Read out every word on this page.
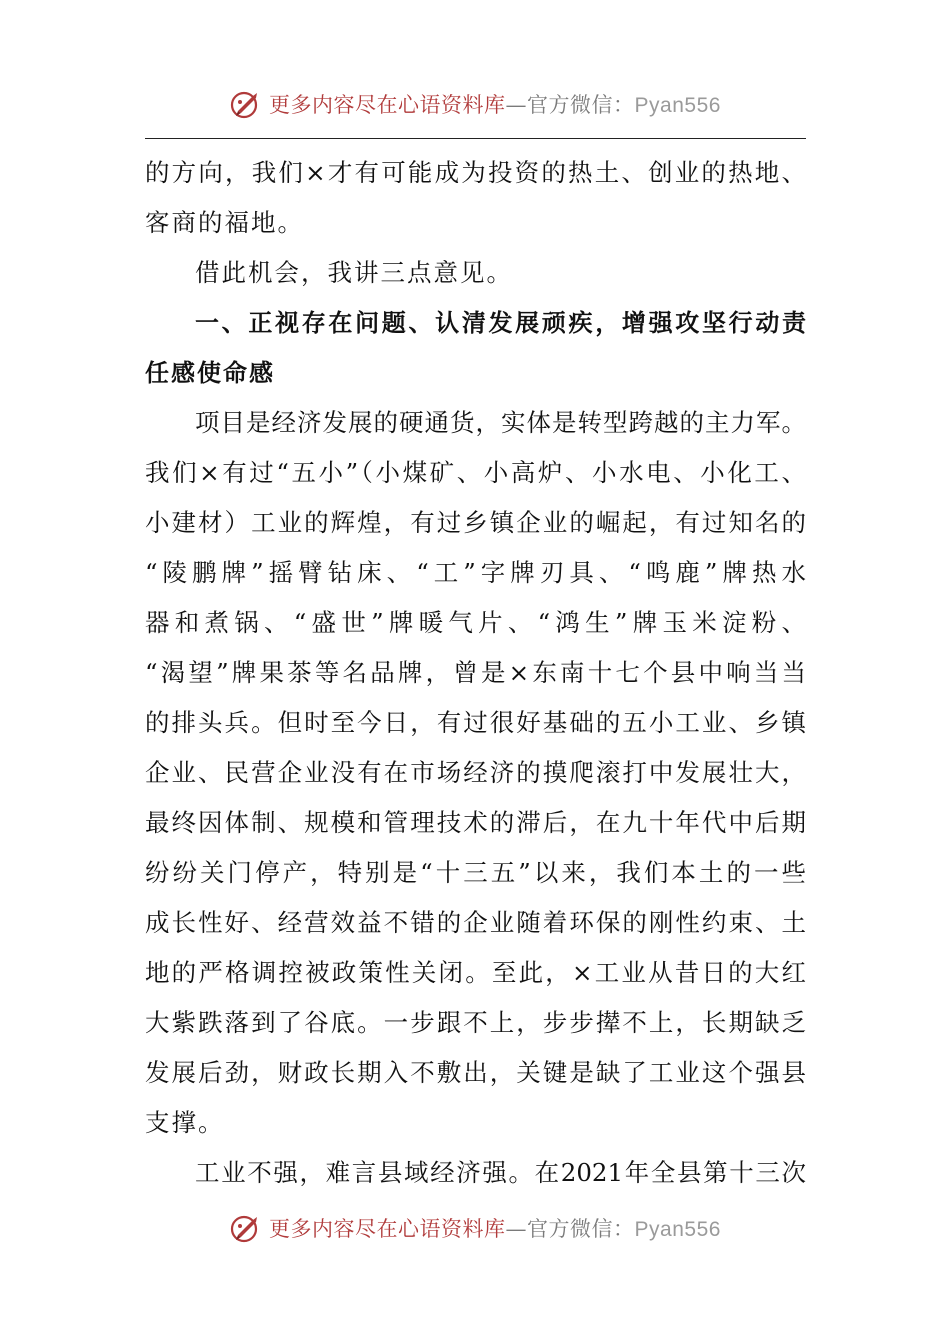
更多内容尽在心语资料库—官方微信：Pyan556
的方向，我们×才有可能成为投资的热土、创业的热地、
客商的福地。
借此机会，我讲三点意见。
一、正视存在问题、认清发展顽疾，增强攻坚行动责
任感使命感
项目是经济发展的硬通货，实体是转型跨越的主力军。
我们×有过“五小”（小煤矿、小高炉、小水电、小化工、
小建材）工业的辉煌，有过乡镇企业的崛起，有过知名的
“陵鹏牌”摇臂钻床、“工”字牌刃具、“鸣鹿”牌热水
器和煮锅、“盛世”牌暖气片、“鸿生”牌玉米淀粉、
“渴望”牌果茶等名品牌，曾是×东南十七个县中响当当
的排头兵。但时至今日，有过很好基础的五小工业、乡镇
企业、民营企业没有在市场经济的摸爬滚打中发展壮大，
最终因体制、规模和管理技术的滞后，在九十年代中后期
纷纷关门停产，特别是“十三五”以来，我们本土的一些
成长性好、经营效益不错的企业随着环保的刚性约束、土
地的严格调控被政策性关闭。至此，×工业从昔日的大红
大紫跌落到了谷底。一步跟不上，步步撵不上，长期缺乏
发展后劲，财政长期入不敷出，关键是缺了工业这个强县
支撑。
工业不强，难言县域经济强。在2021年全县第十三次
更多内容尽在心语资料库—官方微信：Pyan556
